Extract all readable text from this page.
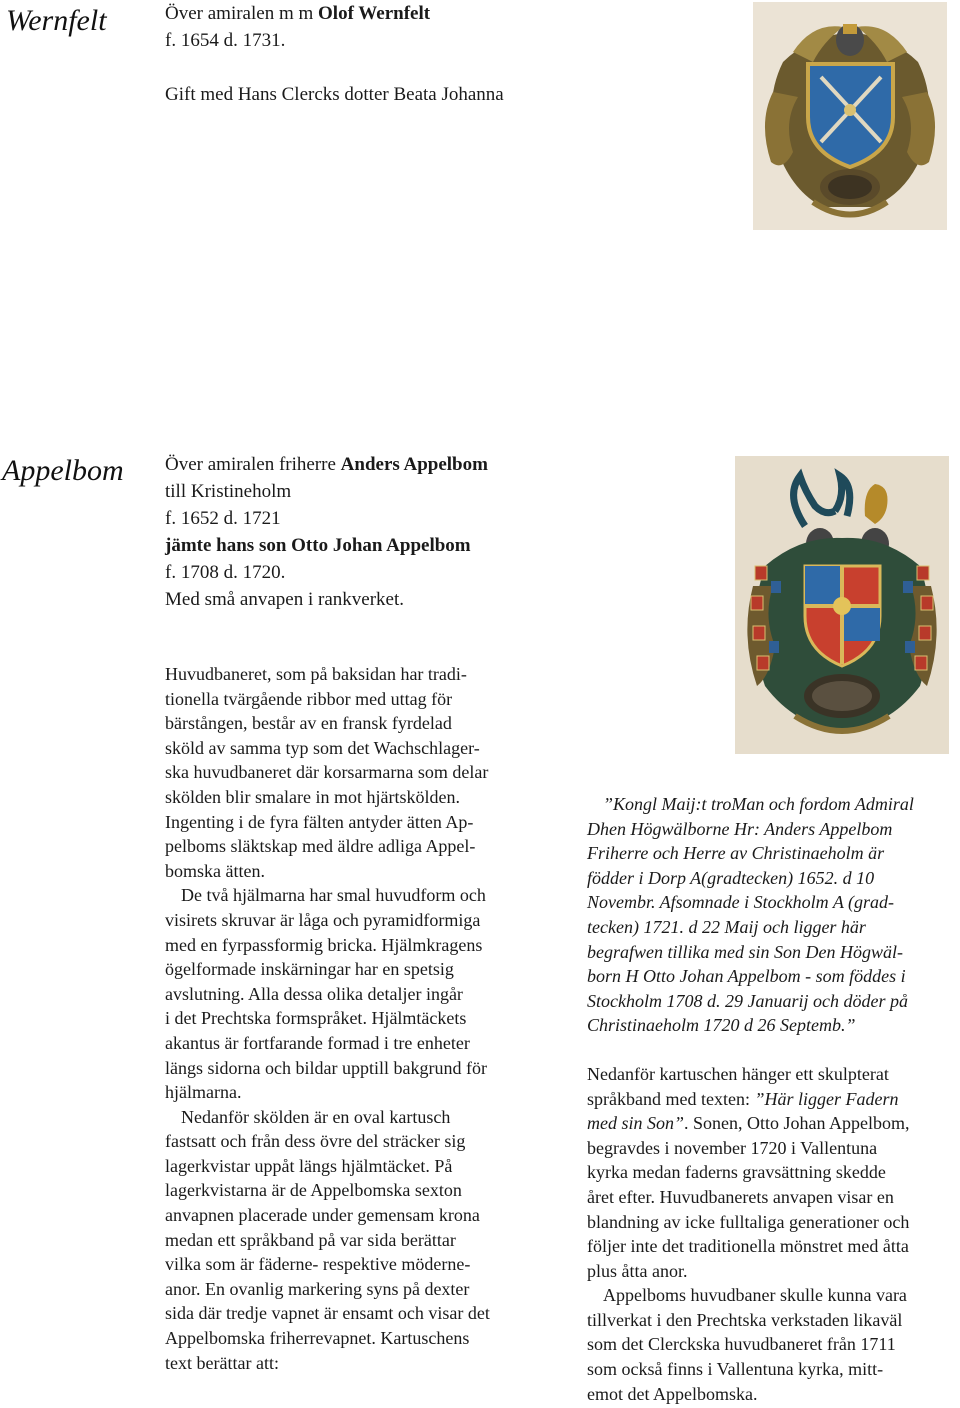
Wernfelt	Över amiralen m m Olof Wernfelt

f. 1654 d. 1731.

Gift med Hans Clercks dotter Beata Johanna

Appelbom Över amiralen friherre Anders Appelbom

till Kristineholm

f. 1652 d. 1721

jämte hans son Otto Johan Appelbom

f. 1708 d. 1720.

Med små anvapen i rankverket.

Huvudbaneret, som på baksidan har tradi-
tionella tvärgående ribbor med uttag för
bärstången, består av en fransk fyrdelad
sköld av samma typ som det Wachschlager-
ska huvudbaneret där korsarmarna som delar
skölden blir smalare in mot hjärtskölden.
Ingenting i de fyra fälten antyder ätten Ap-
pelboms släktskap med äldre adliga Appel-
bomska ätten.

De två hjälmarna har smal huvudform och
visirets skruvar är låga och pyramidformiga
med en fyrpassformig bricka. Hjälmkragens
ögelformade inskärningar har en spetsig
avslutning. Alla dessa olika detaljer ingår
i det Prechtska formspråket. Hjälmtäckets
akantus är fortfarande formad i tre enheter
längs sidorna och bildar upptill bakgrund för
hjälmarna.

Nedanför skölden är en oval kartusch
fastsatt och från dess övre del sträcker sig
lagerkvistar uppåt längs hjälmtäcket. På
lagerkvistarna är de Appelbomska sexton
anvapnen placerade under gemensam krona
medan ett språkband på var sida berättar
vilka som är fäderne- respektive möderne-
anor. En ovanlig markering syns på dexter
sida där tredje vapnet är ensamt och visar det
Appelbomska friherrevapnet. Kartuschens
text berättar att:

”Kongl Maij:t troMan och fordom Admiral
Dhen Högwälborne Hr: Anders Appelbom
Friherre och Herre av Christinaeholm är
födder i Dorp A(gradtecken) 1652. d 10
Novembr. Afsomnade i Stockholm A (grad-
tecken) 1721. d 22 Maij och ligger här
begrafwen tillika med sin Son Den Högwäl-
born H Otto Johan Appelbom - som föddes i
Stockholm 1708 d. 29 Januarij och döder på
Christinaeholm 1720 d 26 Septemb.”

Nedanför kartuschen hänger ett skulpterat
språkband med texten: ”Här ligger Fadern
med sin Son”. Sonen, Otto Johan Appelbom,
begravdes i november 1720 i Vallentuna
kyrka medan faderns gravsättning skedde
året efter. Huvudbanerets anvapen visar en
blandning av icke fulltaliga generationer och
följer inte det traditionella mönstret med åtta
plus åtta anor.

Appelboms huvudbaner skulle kunna vara
tillverkat i den Prechtska verkstaden likaväl
som det Clerckska huvudbaneret från 1711
som också finns i Vallentuna kyrka, mitt-
emot det Appelbomska.
